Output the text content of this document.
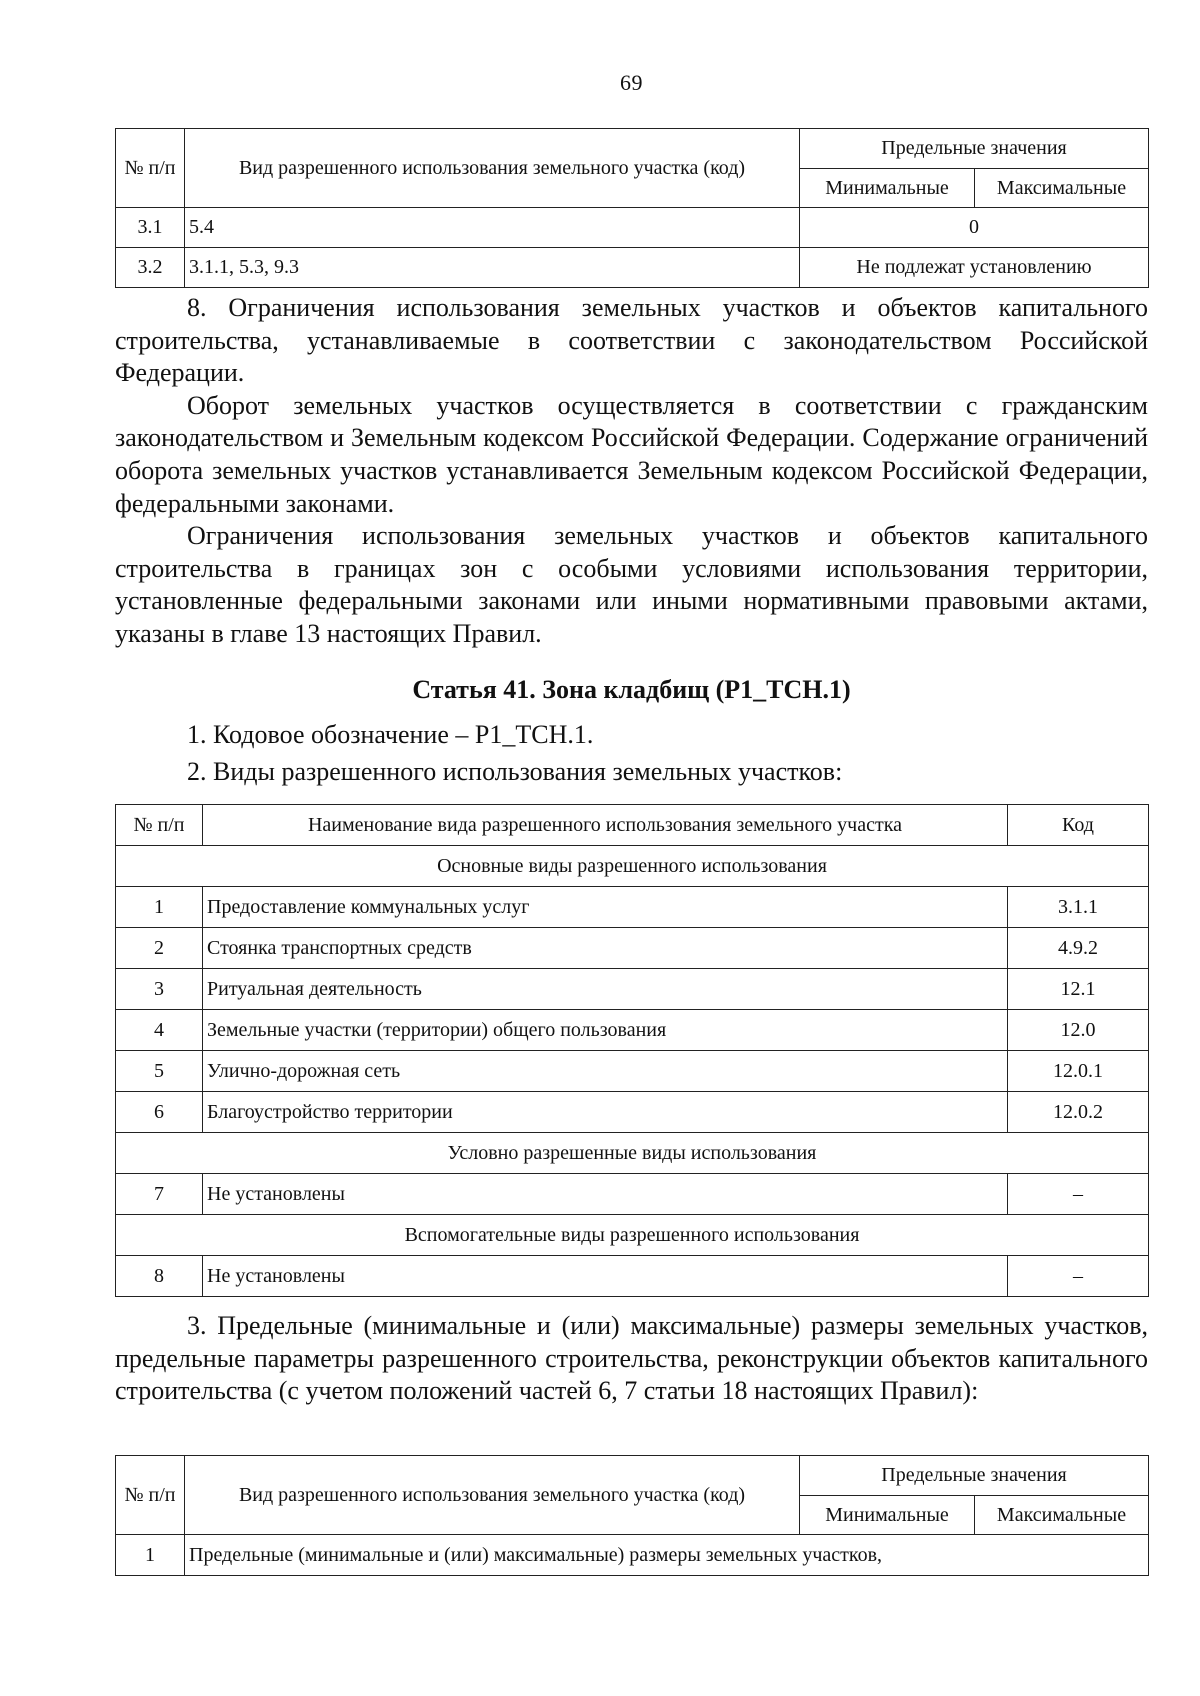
69
№ п/п	Вид разрешенного использования земельного участка (код)	Предельные значения	
		Минимальные	Максимальные
3.1	5.4	0	
3.2	3.1.1, 5.3, 9.3	Не подлежат установлению	

8. Ограничения использования земельных участков и объектов капитального строительства, устанавливаемые в соответствии с законодательством Российской Федерации.

Оборот земельных участков осуществляется в соответствии с гражданским законодательством и Земельным кодексом Российской Федерации. Содержание ограничений оборота земельных участков устанавливается Земельным кодексом Российской Федерации, федеральными законами.

Ограничения использования земельных участков и объектов капитального строительства в границах зон с особыми условиями использования территории, установленные федеральными законами или иными нормативными правовыми актами, указаны в главе 13 настоящих Правил.

Статья 41. Зона кладбищ (Р1_ТСН.1)
1. Кодовое обозначение – Р1_ТСН.1.
2. Виды разрешенного использования земельных участков:
№ п/п	Наименование вида разрешенного использования земельного участка	Код
Основные виды разрешенного использования		
1	Предоставление коммунальных услуг	3.1.1
2	Стоянка транспортных средств	4.9.2
3	Ритуальная деятельность	12.1
4	Земельные участки (территории) общего пользования	12.0
5	Улично-дорожная сеть	12.0.1
6	Благоустройство территории	12.0.2
Условно разрешенные виды использования		
7	Не установлены	–
Вспомогательные виды разрешенного использования		
8	Не установлены	–

3. Предельные (минимальные и (или) максимальные) размеры земельных участков, предельные параметры разрешенного строительства, реконструкции объектов капитального строительства (с учетом положений частей 6, 7 статьи 18 настоящих Правил):

№ п/п	Вид разрешенного использования земельного участка (код)	Предельные значения	
		Минимальные	Максимальные
1	Предельные (минимальные и (или) максимальные) размеры земельных участков,		
